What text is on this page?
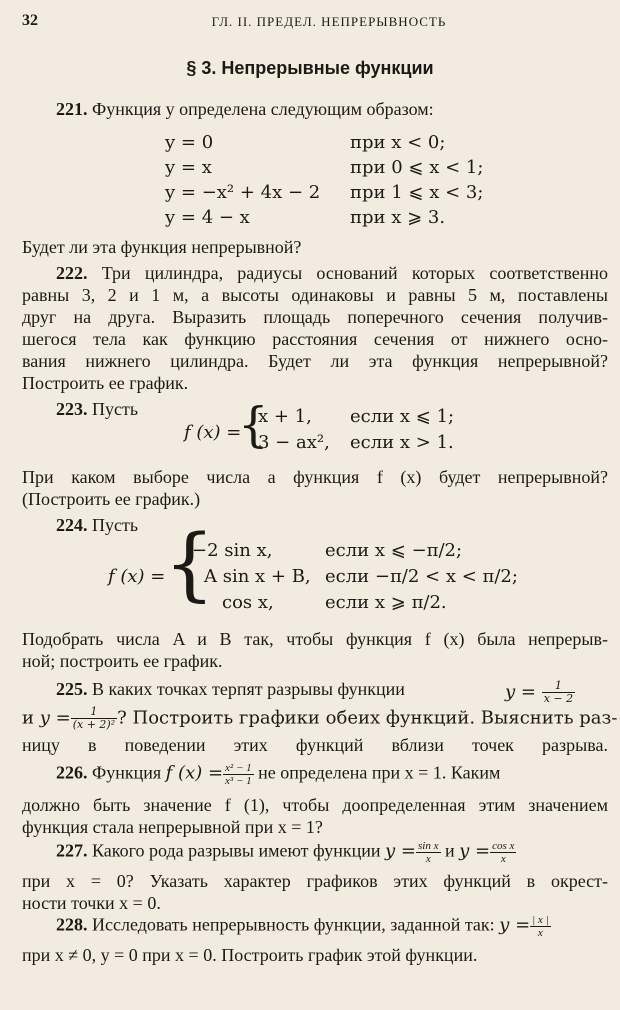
32	ГЛ. II. ПРЕДЕЛ. НЕПРЕРЫВНОСТЬ
§ 3. Непрерывные функции
221. Функция y определена следующим образом:
y = 0	при x < 0;
y = x	при 0 ⩽ x < 1;
y = −x² + 4x − 2 при 1 ⩽ x < 3;
y = 4 − x	при x ⩾ 3.
Будет ли эта функция непрерывной?
222. Три цилиндра, радиусы оснований которых соответственно
равны 3, 2 и 1 м, а высоты одинаковы и равны 5 м, поставлены
друг на друга. Выразить площадь поперечного сечения получив-
шегося тела как функцию расстояния сечения от нижнего осно-
вания нижнего цилиндра. Будет ли эта функция непрерывной?
Построить ее график.
223. Пусть
f (x) =
{
x + 1, если x ⩽ 1;
3 − ax², если x > 1.
При каком выборе числа a функция f (x) будет непрерывной?
(Построить ее график.)
224. Пусть
f (x) =
{
−2 sin x,	если x ⩽ −π/2;
A sin x + B, если −π/2 < x < π/2;
cos x,	если x ⩾ π/2.
Подобрать числа A и B так, чтобы функция f (x) была непрерыв-
ной; построить ее график.
225. В каких точках терпят разрывы функции	$y = \frac{1}{x - 2}$
и $y = \frac{1}{\text{(x + 2)²}}$ ? Построить графики обеих функций. Выяснить раз-
ницу в поведении этих функций вблизи точек разрыва.
226. Функция f $(x) = \frac{\text{x² − 1}}{\text{x³ − 1}}$ не определена при x = 1. Каким
должно быть значение f (1), чтобы доопределенная этим значением
функция стала непрерывной при x = 1?
227. Какого рода разрывы имеют функции $y = \frac{\text{sin x}}{x}$ и $y = \frac{\text{cos x}}{x}$
при x = 0? Указать характер графиков этих функций в окрест-
ности точки x = 0.
228. Исследовать непрерывность функции, заданной так: $y = \frac{| x |}{x}$
при x ≠ 0, y = 0 при x = 0. Построить график этой функции.
